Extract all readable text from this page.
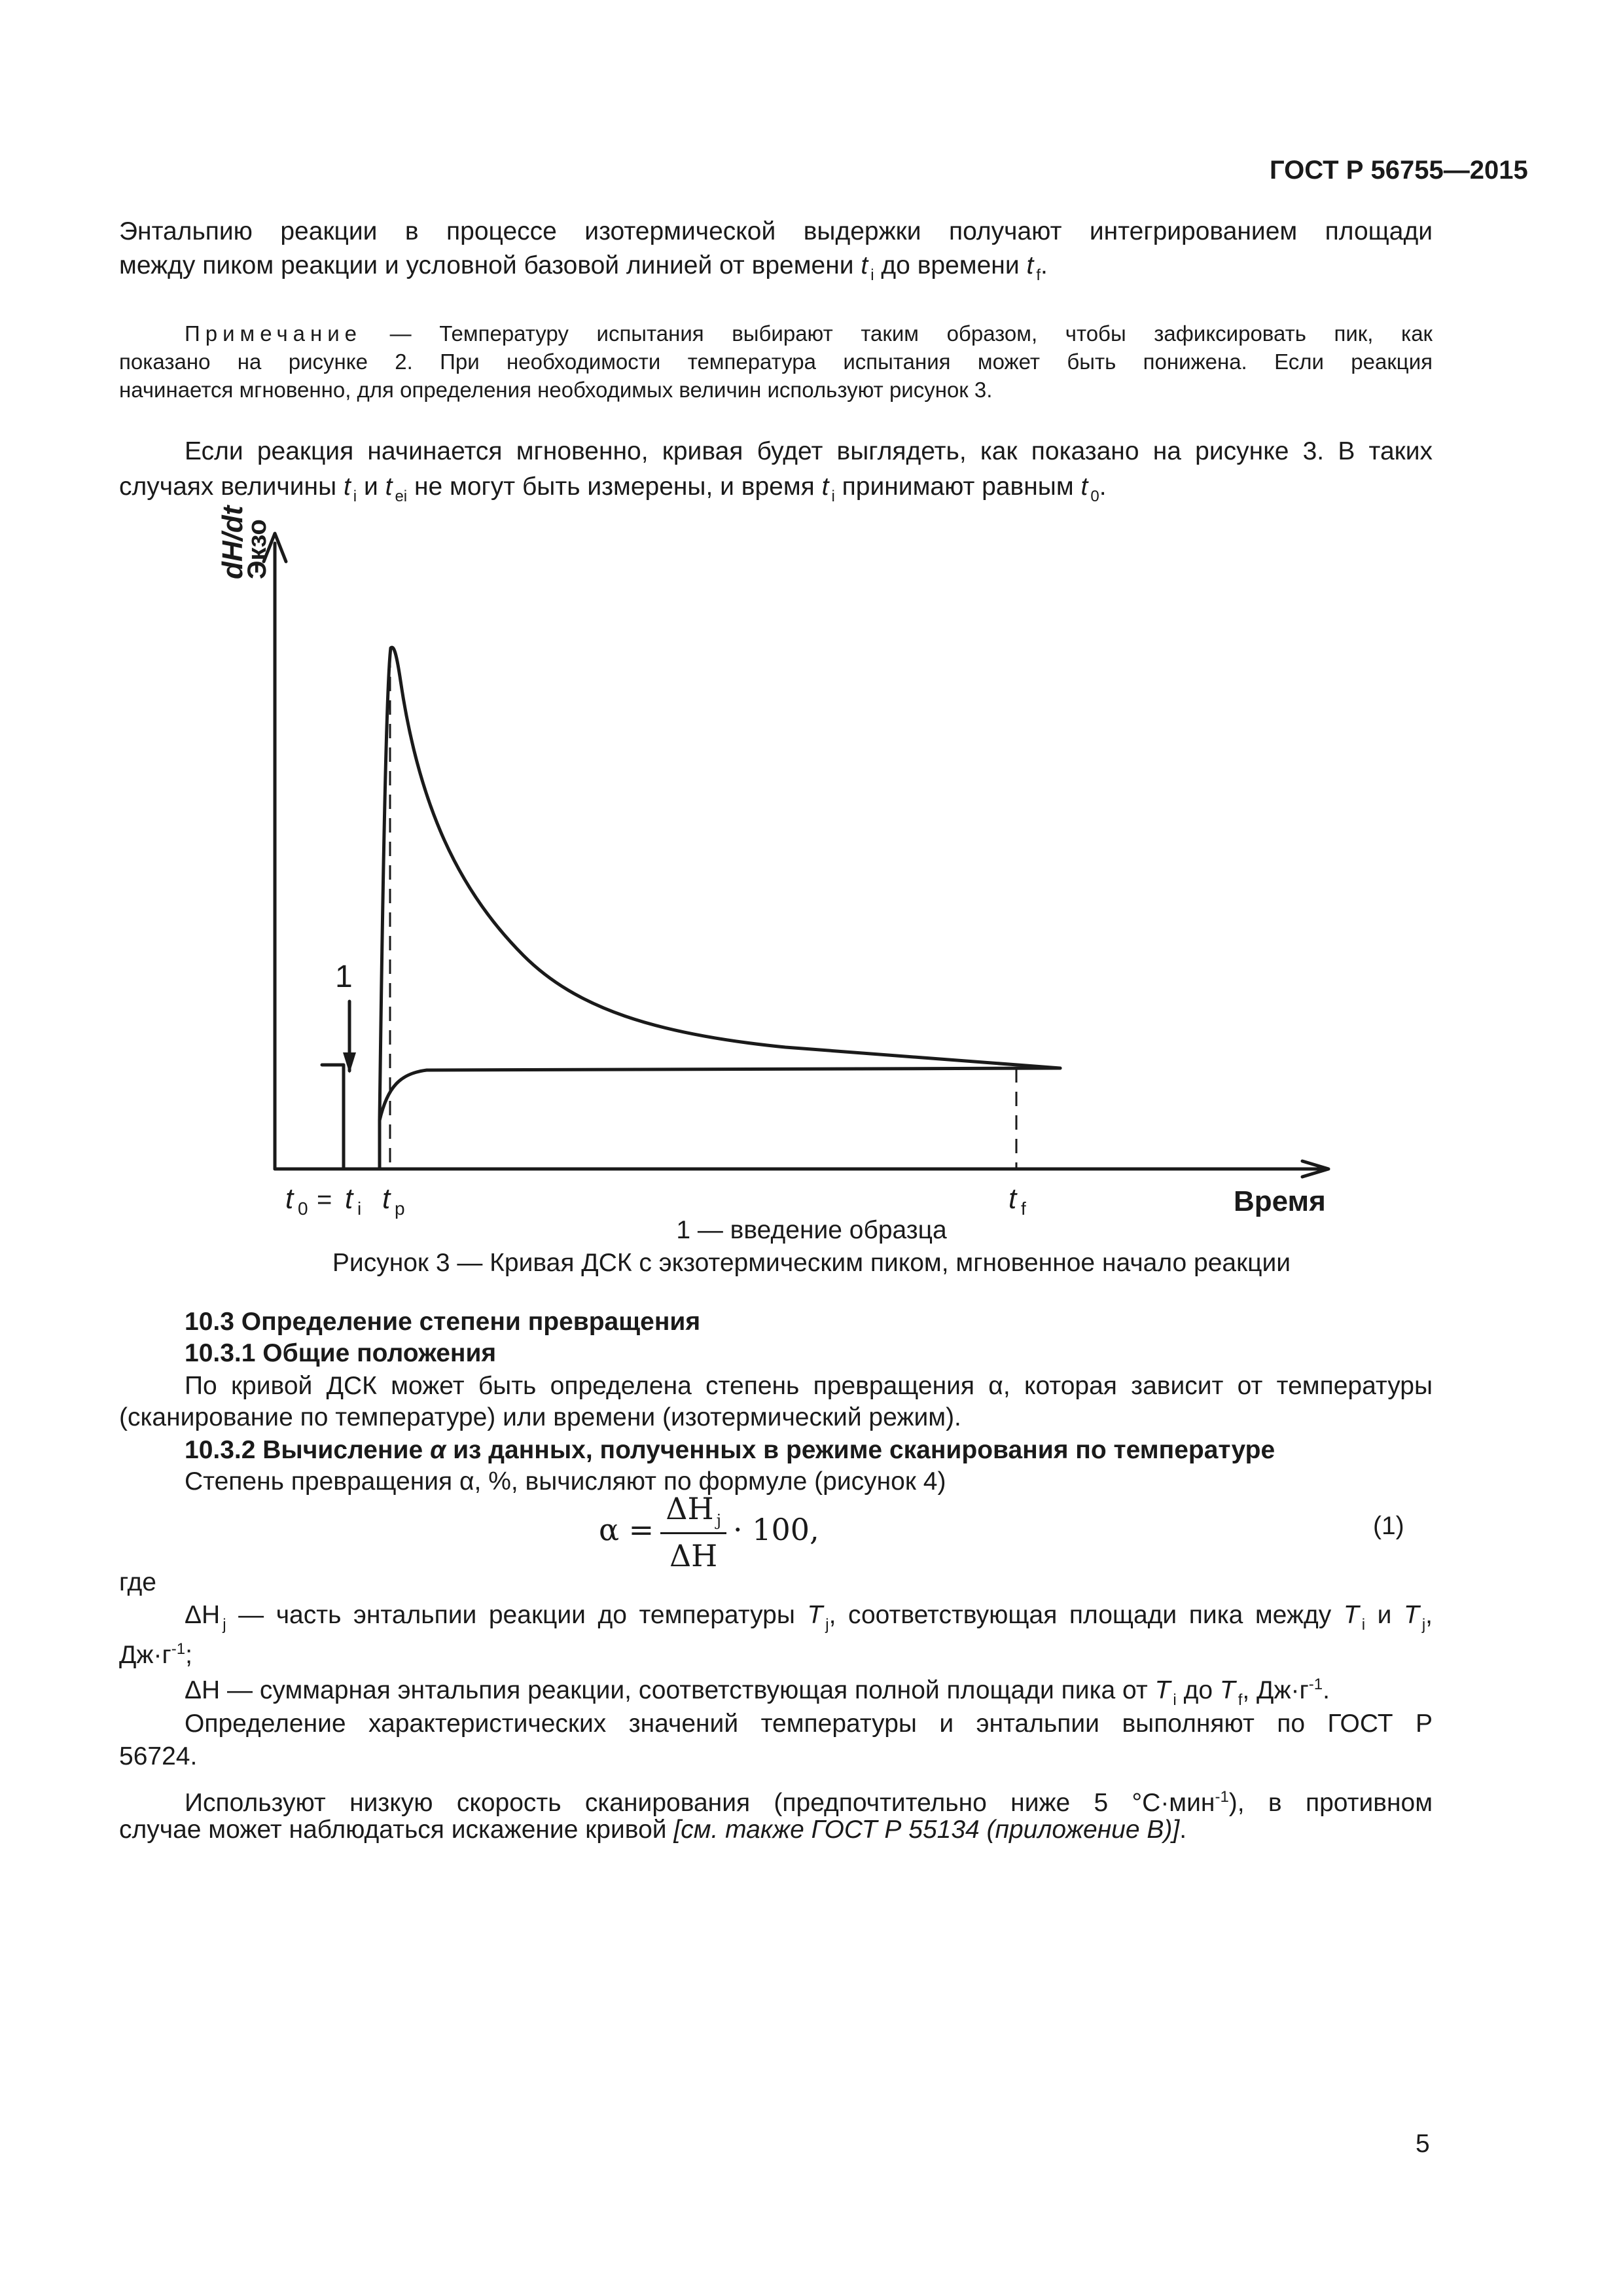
ГОСТ Р 56755—2015
Энтальпию реакции в процессе изотермической выдержки получают интегрированием площади
между пиком реакции и условной базовой линией от времени t $_i$ до времени t $_f$.
Примечание — Температуру испытания выбирают таким образом, чтобы зафиксировать пик, как
показано на рисунке 2. При необходимости температура испытания может быть понижена. Если реакция
начинается мгновенно, для определения необходимых величин используют рисунок 3.
Если реакция начинается мгновенно, кривая будет выглядеть, как показано на рисунке 3. В таких
случаях величины t $_i$ и t $_{ei}$ не могут быть измерены, и время t $_i$ принимают равным t $_0$.
dH/dt
Экзо
Время
1
t 0 = t i t p	t f
1 — введение образца
Рисунок 3 — Кривая ДСК с экзотермическим пиком, мгновенное начало реакции
10.3 Определение степени превращения
10.3.1 Общие положения
По кривой ДСК может быть определена степень превращения α, которая зависит от температуры
(сканирование по температуре) или времени (изотермический режим).
10.3.2 Вычисление α из данных, полученных в режиме сканирования по температуре
Степень превращения α, %, вычисляют по формуле (рисунок 4)
$\alpha = \frac{\Delta H _j}{\Delta H} \cdot 100$,	(1)
где
ΔH $_j$ — часть энтальпии реакции до температуры T $_j$, соответствующая площади пика между T $_i$ и T $_j$,
$Дж\cdot г^{-1}$;
ΔH — суммарная энтальпия реакции, соответствующая полной площади пика от T $_i$ до T $_f$, $Дж\cdot г^{-1}$.
Определение характеристических значений температуры и энтальпии выполняют по ГОСТ Р
56724.
Используют низкую скорость сканирования (предпочтительно ниже 5 °С·мин$^{-1}$), в противном
случае может наблюдаться искажение кривой [см. также ГОСТ Р 55134 (приложение В)].
5
